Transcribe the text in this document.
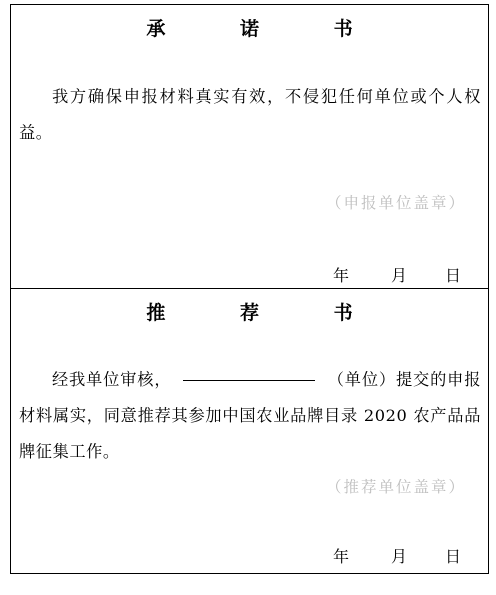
承 诺 书
我方确保申报材料真实有效，不侵犯任何单位或个人权益。
（申报单位盖章）
年	月 日
推 荐 书
经我单位审核，	（单位）提交的申报材料属实，同意推荐其参加中国农业品牌目录 2020 农产品品牌征集工作。
（推荐单位盖章）
年	月 日
